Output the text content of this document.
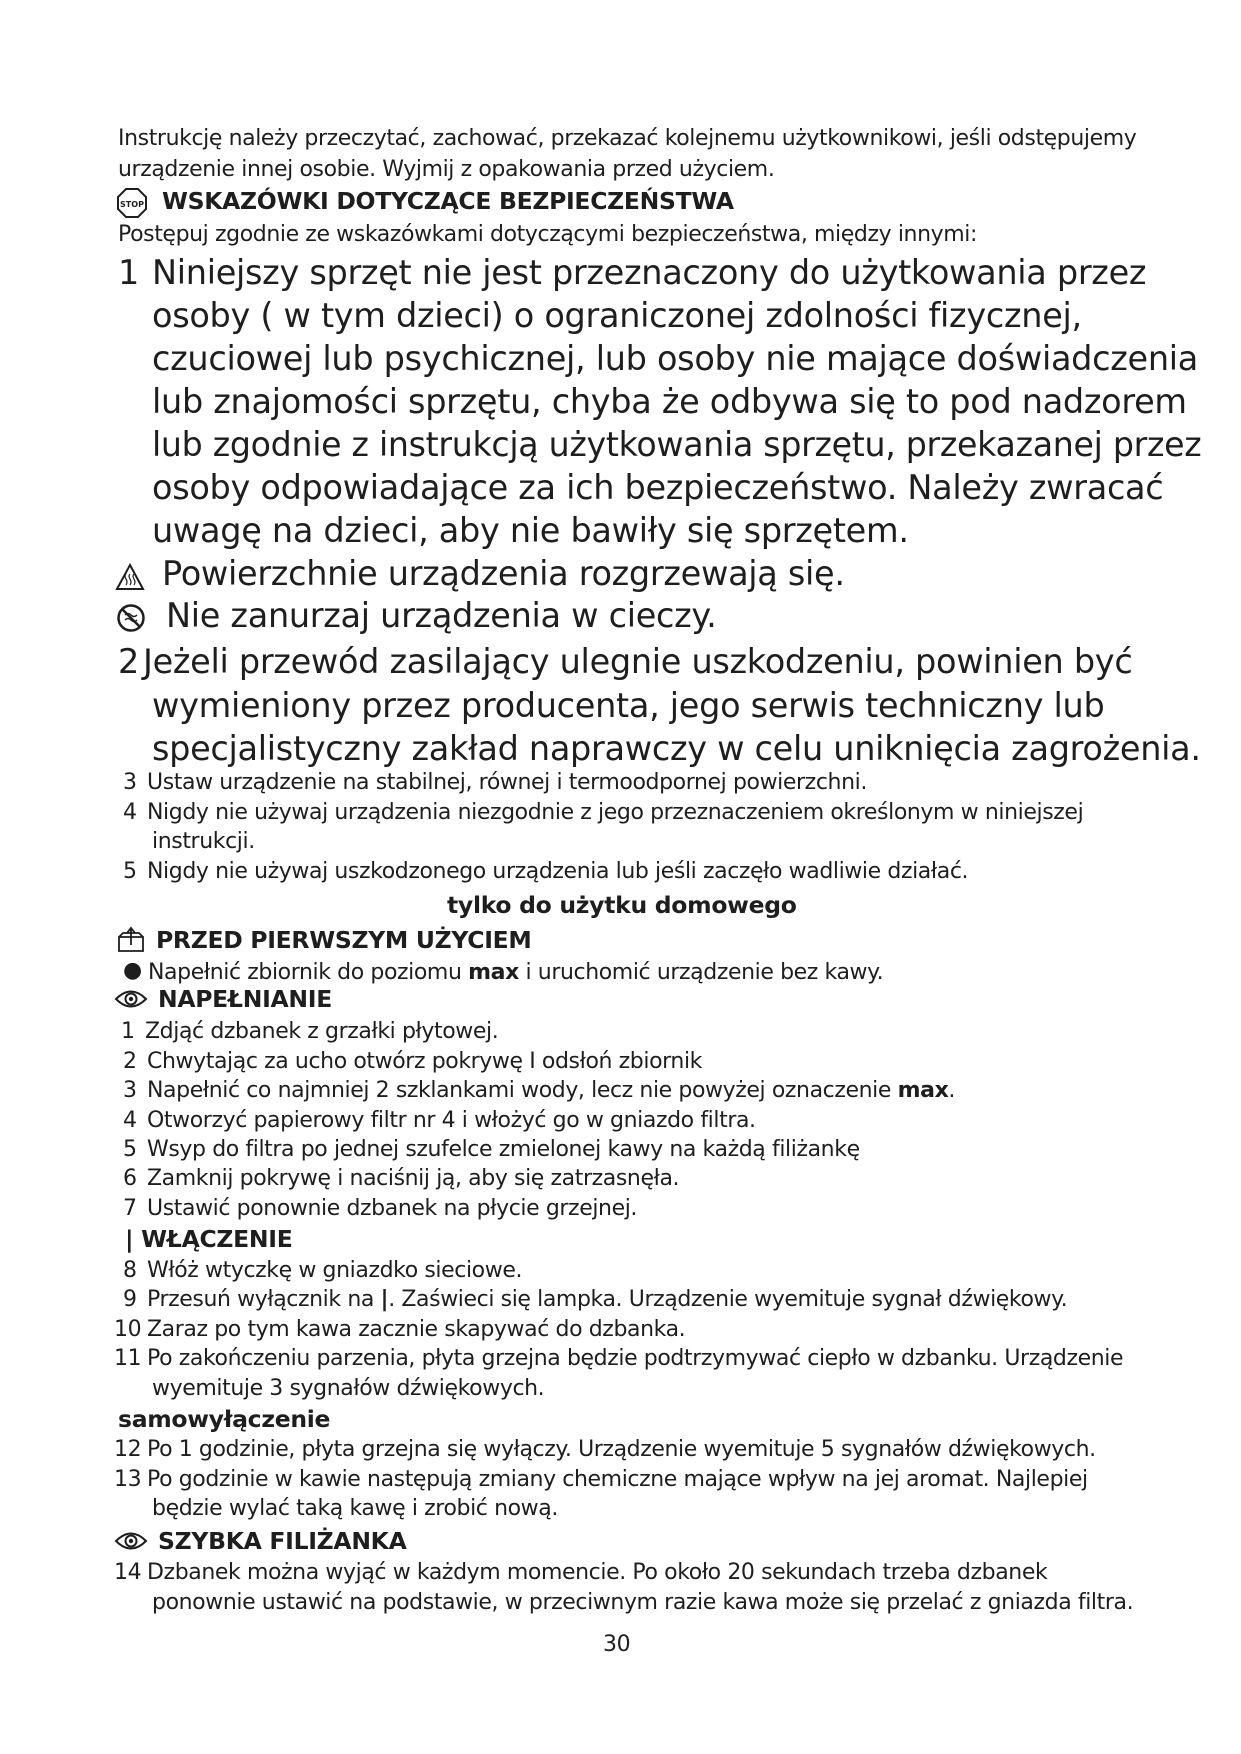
Instrukcję należy przeczytać, zachować, przekazać kolejnemu użytkownikowi, jeśli odstępujemy
urządzenie innej osobie. Wyjmij z opakowania przed użyciem.
STOP WSKAZÓWKI DOTYCZĄCE BEZPIECZEŃSTWA
Postępuj zgodnie ze wskazówkami dotyczącymi bezpieczeństwa, między innymi:
1 Niniejszy sprzęt nie jest przeznaczony do użytkowania przez
osoby ( w tym dzieci) o ograniczonej zdolności fizycznej,
czuciowej lub psychicznej, lub osoby nie mające doświadczenia
lub znajomości sprzętu, chyba że odbywa się to pod nadzorem
lub zgodnie z instrukcją użytkowania sprzętu, przekazanej przez
osoby odpowiadające za ich bezpieczeństwo. Należy zwracać
uwagę na dzieci, aby nie bawiły się sprzętem.
Powierzchnie urządzenia rozgrzewają się.
Nie zanurzaj urządzenia w cieczy.
2 Jeżeli przewód zasilający ulegnie uszkodzeniu, powinien być
wymieniony przez producenta, jego serwis techniczny lub
specjalistyczny zakład naprawczy w celu uniknięcia zagrożenia.
3 Ustaw urządzenie na stabilnej, równej i termoodpornej powierzchni.
4 Nigdy nie używaj urządzenia niezgodnie z jego przeznaczeniem określonym w niniejszej
instrukcji.
5 Nigdy nie używaj uszkodzonego urządzenia lub jeśli zaczęło wadliwie działać.
tylko do użytku domowego
PRZED PIERWSZYM UŻYCIEM
● Napełnić zbiornik do poziomu max i uruchomić urządzenie bez kawy.
NAPEŁNIANIE
1 Zdjąć dzbanek z grzałki płytowej.
2 Chwytając za ucho otwórz pokrywę I odsłoń zbiornik
3 Napełnić co najmniej 2 szklankami wody, lecz nie powyżej oznaczenie max.
4 Otworzyć papierowy filtr nr 4 i włożyć go w gniazdo filtra.
5 Wsyp do filtra po jednej szufelce zmielonej kawy na każdą filiżankę
6 Zamknij pokrywę i naciśnij ją, aby się zatrzasnęła.
7 Ustawić ponownie dzbanek na płycie grzejnej.
| WŁĄCZENIE
8 Włóż wtyczkę w gniazdko sieciowe.
9 Przesuń wyłącznik na |. Zaświeci się lampka. Urządzenie wyemituje sygnał dźwiękowy.
10 Zaraz po tym kawa zacznie skapywać do dzbanka.
11 Po zakończeniu parzenia, płyta grzejna będzie podtrzymywać ciepło w dzbanku. Urządzenie
wyemituje 3 sygnałów dźwiękowych.
samowyłączenie
12 Po 1 godzinie, płyta grzejna się wyłączy. Urządzenie wyemituje 5 sygnałów dźwiękowych.
13 Po godzinie w kawie następują zmiany chemiczne mające wpływ na jej aromat. Najlepiej
będzie wylać taką kawę i zrobić nową.
SZYBKA FILIŻANKA
14 Dzbanek można wyjąć w każdym momencie. Po około 20 sekundach trzeba dzbanek
ponownie ustawić na podstawie, w przeciwnym razie kawa może się przelać z gniazda filtra.
30
